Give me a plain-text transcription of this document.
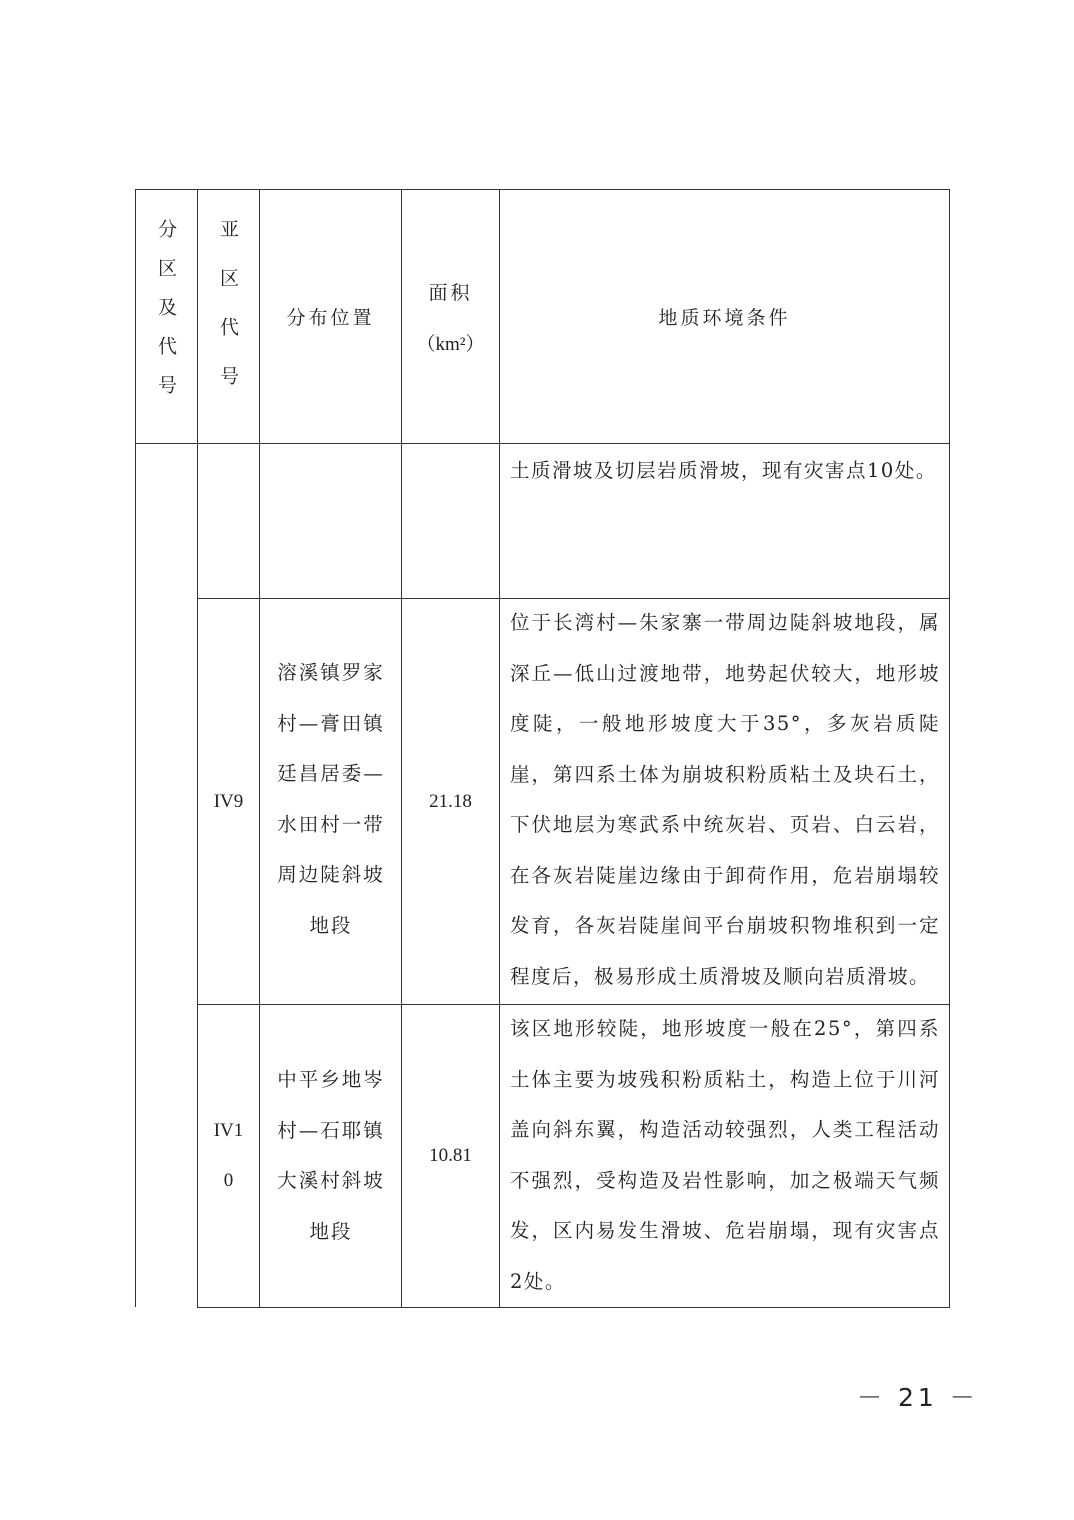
分区及代号 亚区代号 分布位置
面积
（km²）
地质环境条件
土质滑坡及切层岩质滑坡，现有灾害点10处。
IV9
溶溪镇罗家村—膏田镇廷昌居委—水田村一带周边陡斜坡地段
21.18
位于长湾村—朱家寨一带周边陡斜坡地段，属深丘—低山过渡地带，地势起伏较大，地形坡度陡，一般地形坡度大于35°，多灰岩质陡崖，第四系土体为崩坡积粉质粘土及块石土，下伏地层为寒武系中统灰岩、页岩、白云岩，在各灰岩陡崖边缘由于卸荷作用，危岩崩塌较发育，各灰岩陡崖间平台崩坡积物堆积到一定程度后，极易形成土质滑坡及顺向岩质滑坡。
IV10
中平乡地岑村—石耶镇大溪村斜坡地段
10.81
该区地形较陡，地形坡度一般在25°，第四系土体主要为坡残积粉质粘土，构造上位于川河盖向斜东翼，构造活动较强烈，人类工程活动不强烈，受构造及岩性影响，加之极端天气频发，区内易发生滑坡、危岩崩塌，现有灾害点2处。
－ 21 －
